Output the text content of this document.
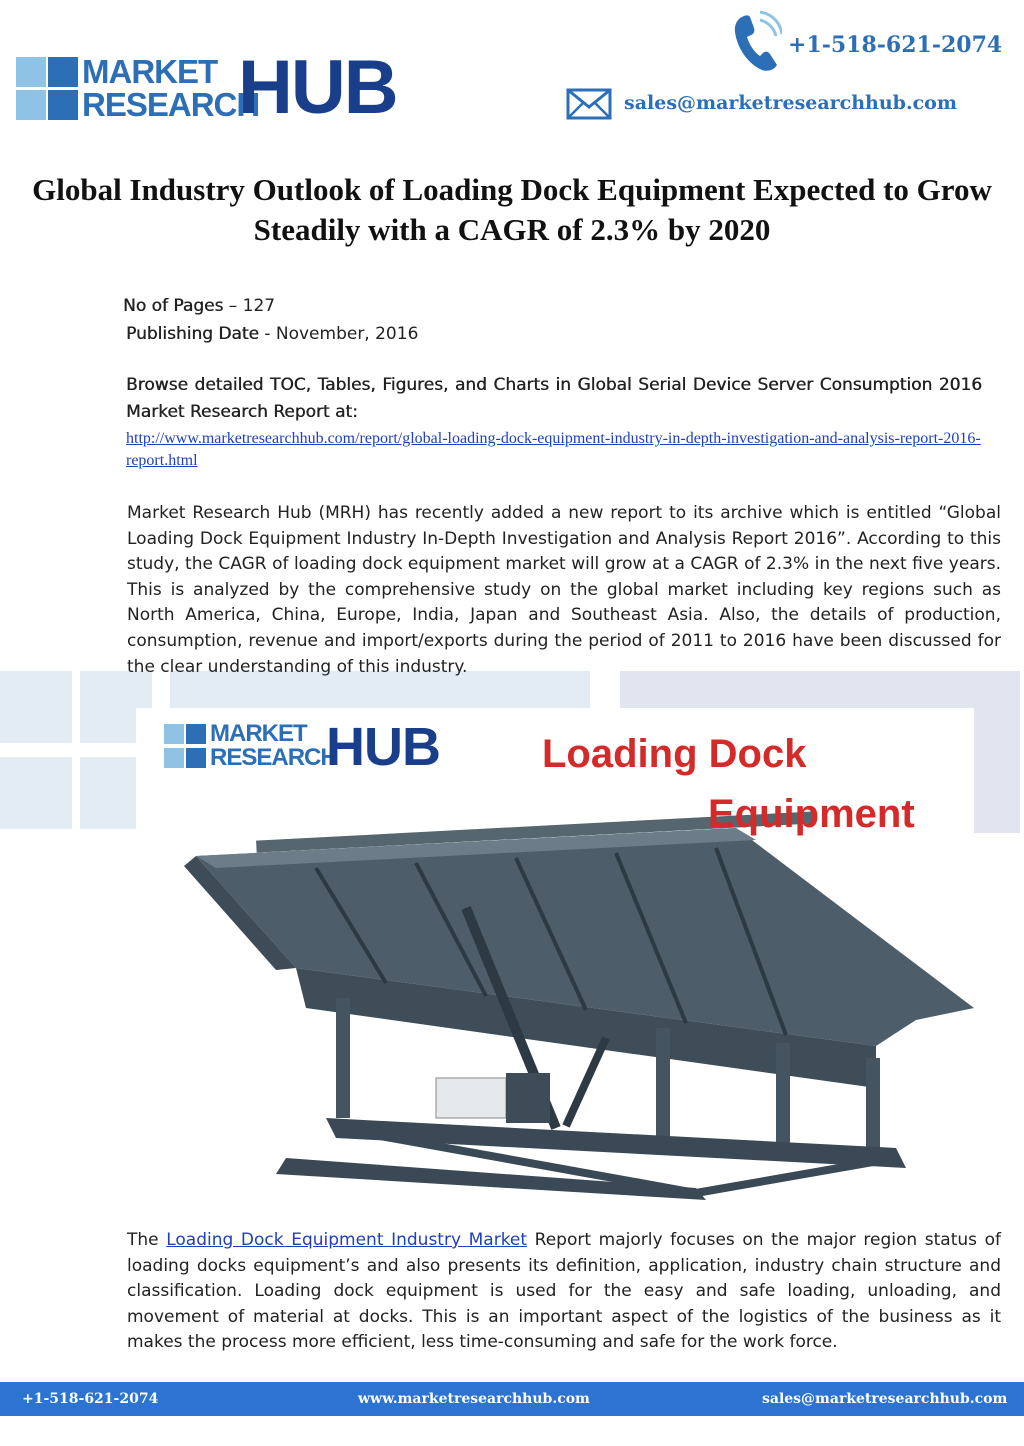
MARKET
RESEARCH
HUB	+1-518-621-2074
sales@marketresearchhub.com
Global Industry Outlook of Loading Dock Equipment Expected to Grow Steadily with a CAGR of 2.3% by 2020
No of Pages – 127
Publishing Date - November, 2016
Browse detailed TOC, Tables, Figures, and Charts in Global Serial Device Server Consumption 2016 Market Research Report at:
http://www.marketresearchhub.com/report/global-loading-dock-equipment-industry-in-depth-investigation-and-analysis-report-2016-report.html

Market Research Hub (MRH) has recently added a new report to its archive which is entitled “Global Loading Dock Equipment Industry In-Depth Investigation and Analysis Report 2016”. According to this study, the CAGR of loading dock equipment market will grow at a CAGR of 2.3% in the next five years. This is analyzed by the comprehensive study on the global market including key regions such as North America, China, Europe, India, Japan and Southeast Asia. Also, the details of production, consumption, revenue and import/exports during the period of 2011 to 2016 have been discussed for the clear understanding of this industry.

MARKET
RESEARCH
HUB	Loading Dock
Equipment

The Loading Dock Equipment Industry Market Report majorly focuses on the major region status of loading docks equipment’s and also presents its definition, application, industry chain structure and classification. Loading dock equipment is used for the easy and safe loading, unloading, and movement of material at docks. This is an important aspect of the logistics of the business as it makes the process more efficient, less time-consuming and safe for the work force.

+1-518-621-2074	www.marketresearchhub.com	sales@marketresearchhub.com
